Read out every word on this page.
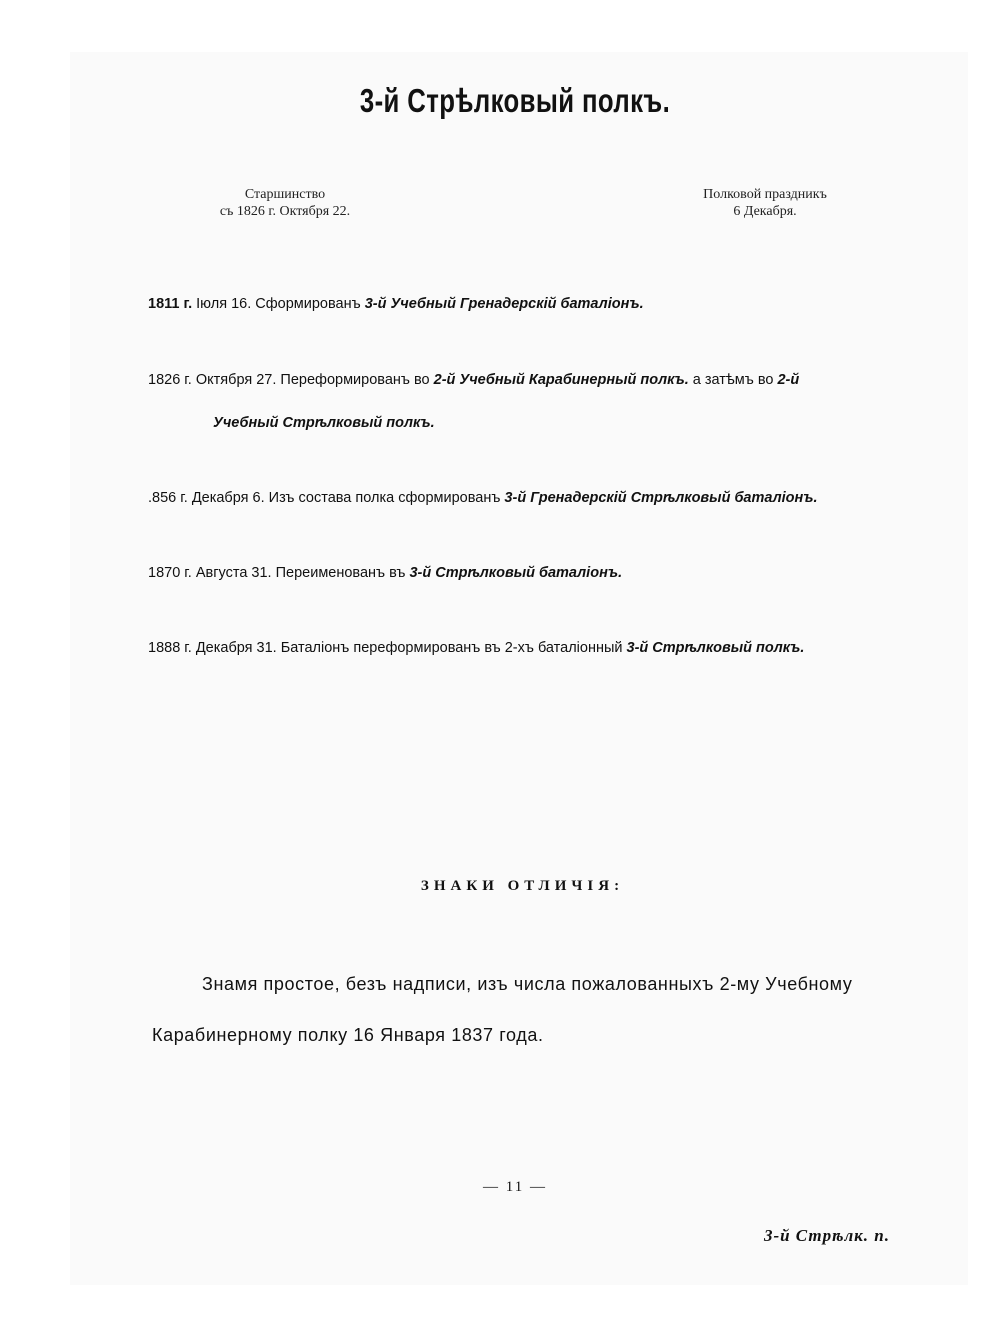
3-й Стрѣлковый полкъ.
Старшинство
съ 1826 г. Октября 22.
Полковой праздникъ
6 Декабря.
1811 г. Іюля 16. Сформированъ 3-й Учебный Гренадерскій баталіонъ.
1826 г. Октября 27. Переформированъ во 2-й Учебный Карабинерный полкъ. а затѣмъ во 2-й
Учебный Стрѣлковый полкъ.
.856 г. Декабря 6. Изъ состава полка сформированъ 3-й Гренадерскій Стрѣлковый баталіонъ.
1870 г. Августа 31. Переименованъ въ 3-й Стрѣлковый баталіонъ.
1888 г. Декабря 31. Баталіонъ переформированъ въ 2-хъ баталіонный 3-й Стрѣлковый полкъ.
ЗНАКИ ОТЛИЧІЯ:
Знамя простое, безъ надписи, изъ числа пожалованныхъ 2-му Учебному
Карабинерному полку 16 Января 1837 года.
— 11 —
3-й Стрѣлк. п.
